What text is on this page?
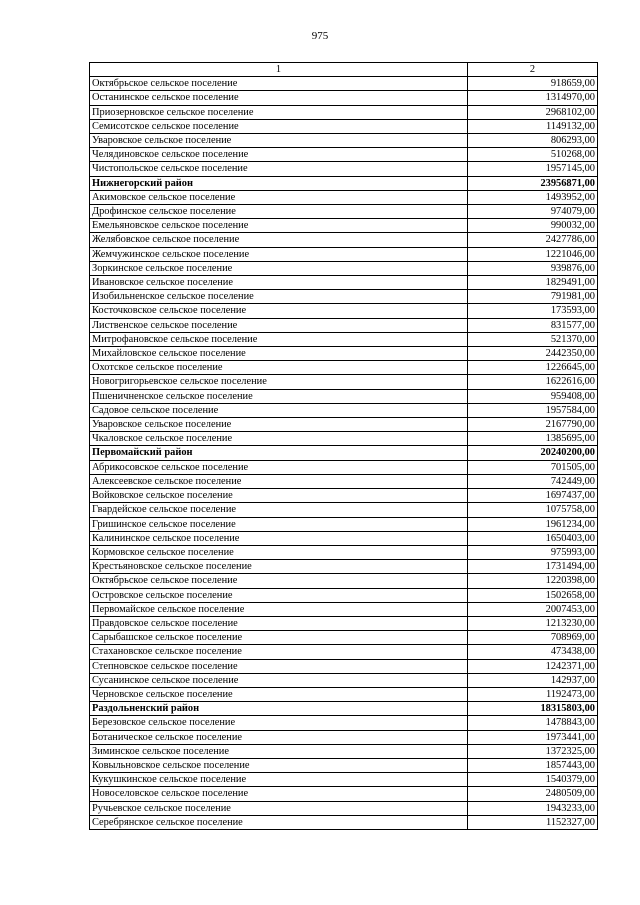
975
1	2
Октябрьское сельское поселение	918659,00
Останинское сельское поселение	1314970,00
Приозерновское сельское поселение	2968102,00
Семисотское сельское поселение	1149132,00
Уваровское сельское поселение	806293,00
Челядиновское сельское поселение	510268,00
Чистопольское сельское поселение	1957145,00
Нижнегорский район	23956871,00
Акимовское сельское поселение	1493952,00
Дрофинское сельское поселение	974079,00
Емельяновское сельское поселение	990032,00
Желябовское сельское поселение	2427786,00
Жемчужинское сельское поселение	1221046,00
Зоркинское сельское поселение	939876,00
Ивановское сельское поселение	1829491,00
Изобильненское сельское поселение	791981,00
Косточковское сельское поселение	173593,00
Лиственское сельское поселение	831577,00
Митрофановское сельское поселение	521370,00
Михайловское сельское поселение	2442350,00
Охотское сельское поселение	1226645,00
Новогригорьевское сельское поселение	1622616,00
Пшеничненское сельское поселение	959408,00
Садовое сельское поселение	1957584,00
Уваровское сельское поселение	2167790,00
Чкаловское сельское поселение	1385695,00
Первомайский район	20240200,00
Абрикосовское сельское поселение	701505,00
Алексеевское сельское поселение	742449,00
Войковское сельское поселение	1697437,00
Гвардейское сельское поселение	1075758,00
Гришинское сельское поселение	1961234,00
Калининское сельское поселение	1650403,00
Кормовское сельское поселение	975993,00
Крестьяновское сельское поселение	1731494,00
Октябрьское сельское поселение	1220398,00
Островское сельское поселение	1502658,00
Первомайское сельское поселение	2007453,00
Правдовское сельское поселение	1213230,00
Сарыбашское сельское поселение	708969,00
Стахановское сельское поселение	473438,00
Степновское сельское поселение	1242371,00
Сусанинское сельское поселение	142937,00
Черновское сельское поселение	1192473,00
Раздольненский район	18315803,00
Березовское сельское поселение	1478843,00
Ботаническое сельское поселение	1973441,00
Зиминское сельское поселение	1372325,00
Ковыльновское сельское поселение	1857443,00
Кукушкинское сельское поселение	1540379,00
Новоселовское сельское поселение	2480509,00
Ручьевское сельское поселение	1943233,00
Серебрянское сельское поселение	1152327,00
